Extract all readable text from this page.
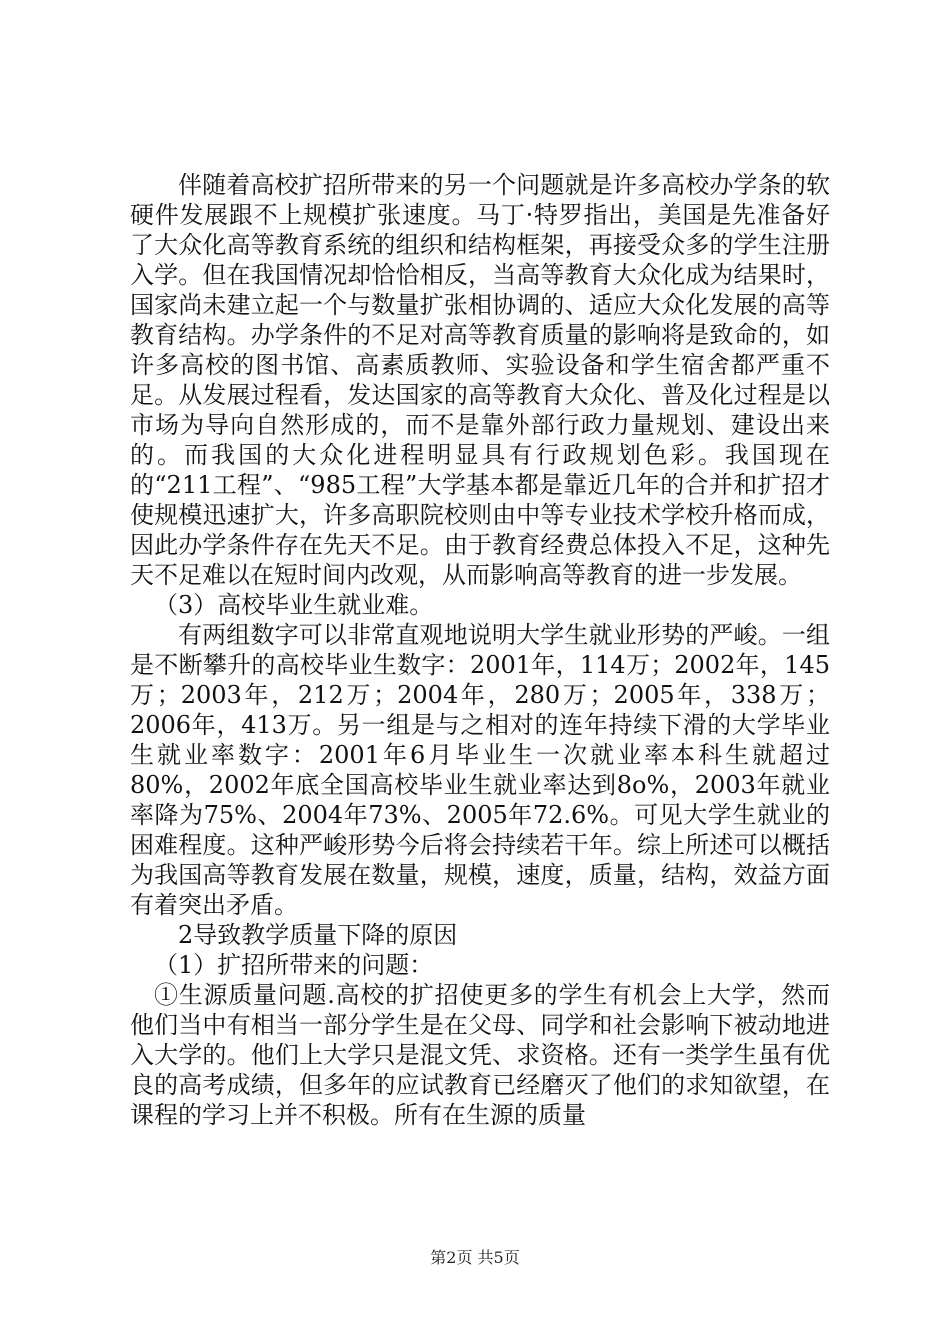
伴随着高校扩招所带来的另一个问题就是许多高校办学条的软硬件发展跟不上规模扩张速度。马丁·特罗指出，美国是先准备好了大众化高等教育系统的组织和结构框架，再接受众多的学生注册入学。但在我国情况却恰恰相反，当高等教育大众化成为结果时，国家尚未建立起一个与数量扩张相协调的、适应大众化发展的高等教育结构。办学条件的不足对高等教育质量的影响将是致命的，如许多高校的图书馆、高素质教师、实验设备和学生宿舍都严重不足。从发展过程看，发达国家的高等教育大众化、普及化过程是以市场为导向自然形成的，而不是靠外部行政力量规划、建设出来的。而我国的大众化进程明显具有行政规划色彩。我国现在的“211工程”、“985工程”大学基本都是靠近几年的合并和扩招才使规模迅速扩大，许多高职院校则由中等专业技术学校升格而成，因此办学条件存在先天不足。由于教育经费总体投入不足，这种先天不足难以在短时间内改观，从而影响高等教育的进一步发展。

（3）高校毕业生就业难。

有两组数字可以非常直观地说明大学生就业形势的严峻。一组是不断攀升的高校毕业生数字：2001年，114万；2002年，145万；2003年，212万；2004年，280万；2005年，338万；2006年，413万。另一组是与之相对的连年持续下滑的大学毕业生就业率数字：2001年6月毕业生一次就业率本科生就超过80%，2002年底全国高校毕业生就业率达到8o%，2003年就业率降为75%、2004年73%、2005年72.6%。可见大学生就业的困难程度。这种严峻形势今后将会持续若干年。综上所述可以概括为我国高等教育发展在数量，规模，速度，质量，结构，效益方面有着突出矛盾。

2导致教学质量下降的原因

（1）扩招所带来的问题：

①生源质量问题.高校的扩招使更多的学生有机会上大学，然而他们当中有相当一部分学生是在父母、同学和社会影响下被动地进入大学的。他们上大学只是混文凭、求资格。还有一类学生虽有优良的高考成绩，但多年的应试教育已经磨灭了他们的求知欲望，在课程的学习上并不积极。所有在生源的质量

第2页 共5页
